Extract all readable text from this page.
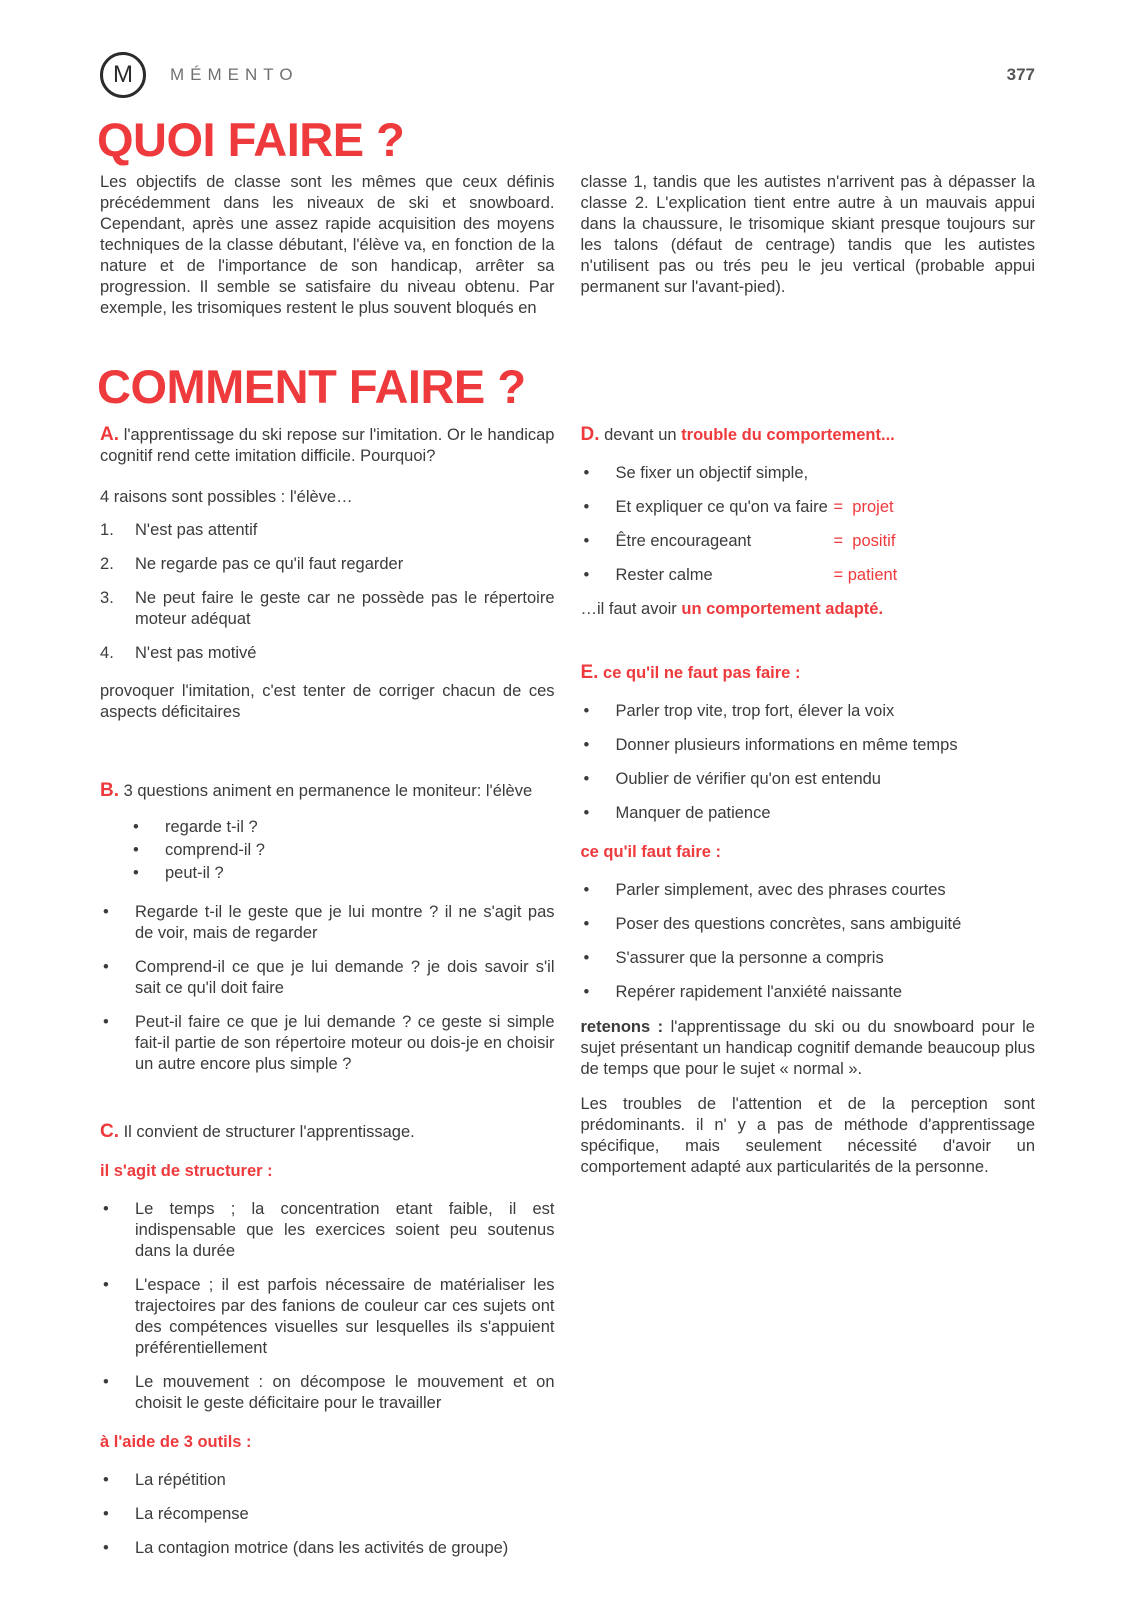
M MÉMENTO	377
QUOI FAIRE ?

Les objectifs de classe sont les mêmes que ceux définis précédemment dans les niveaux de ski et snowboard. Cependant, après une assez rapide acquisition des moyens techniques de la classe débutant, l'élève va, en fonction de la nature et de l'importance de son handicap, arrêter sa progression. Il semble se satisfaire du niveau obtenu. Par exemple, les trisomiques restent le plus souvent bloqués en

classe 1, tandis que les autistes n'arrivent pas à dépasser la classe 2. L'explication tient entre autre à un mauvais appui dans la chaussure, le trisomique skiant presque toujours sur les talons (défaut de centrage) tandis que les autistes n'utilisent pas ou trés peu le jeu vertical (probable appui permanent sur l'avant-pied).

COMMENT FAIRE ?

A. l'apprentissage du ski repose sur l'imitation. Or le handicap cognitif rend cette imitation difficile. Pourquoi?

4 raisons sont possibles : l'élève…

N'est pas attentif
Ne regarde pas ce qu'il faut regarder
Ne peut faire le geste car ne possède pas le répertoire moteur adéquat
N'est pas motivé

provoquer l'imitation, c'est tenter de corriger chacun de ces aspects déficitaires

B. 3 questions animent en permanence le moniteur: l'élève

• regarde t-il ?
• comprend-il ?
• peut-il ?
• Regarde t-il le geste que je lui montre ? il ne s'agit pas de voir, mais de regarder
• Comprend-il ce que je lui demande ? je dois savoir s'il sait ce qu'il doit faire
• Peut-il faire ce que je lui demande ? ce geste si simple fait-il partie de son répertoire moteur ou dois-je en choisir un autre encore plus simple ?

C. Il convient de structurer l'apprentissage.

il s'agit de structurer :

• Le temps ; la concentration etant faible, il est indispensable que les exercices soient peu soutenus dans la durée
• L'espace ; il est parfois nécessaire de matérialiser les trajectoires par des fanions de couleur car ces sujets ont des compétences visuelles sur lesquelles ils s'appuient préférentiellement
• Le mouvement : on décompose le mouvement et on choisit le geste déficitaire pour le travailler

à l'aide de 3 outils :

• La répétition
• La récompense
• La contagion motrice (dans les activités de groupe)

D. devant un trouble du comportement...

• Se fixer un objectif simple,
• Et expliquer ce qu'on va faire =  projet
• Être encourageant	=  positif
• Rester calme	= patient

…il faut avoir un comportement adapté.

E. ce qu'il ne faut pas faire :

• Parler trop vite, trop fort, élever la voix
• Donner plusieurs informations en même temps
• Oublier de vérifier qu'on est entendu
• Manquer de patience

ce qu'il faut faire :

• Parler simplement, avec des phrases courtes
• Poser des questions concrètes, sans ambiguité
• S'assurer que la personne a compris
• Repérer rapidement l'anxiété naissante

retenons : l'apprentissage du ski ou du snowboard pour le sujet présentant un handicap cognitif demande beaucoup plus de temps que pour le sujet « normal ».

Les troubles de l'attention et de la perception sont prédominants. il n' y a pas de méthode d'apprentissage spécifique, mais seulement nécessité d'avoir un comportement adapté aux particularités de la personne.
